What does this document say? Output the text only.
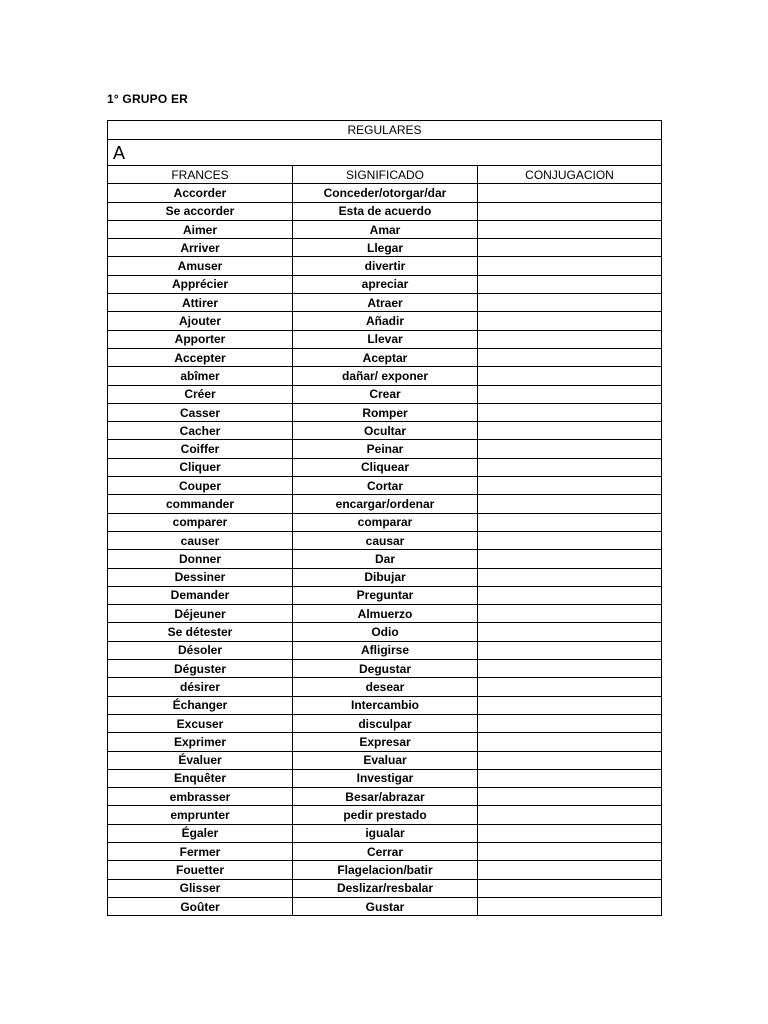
1° GRUPO ER
REGULARES		
A		
FRANCES	SIGNIFICADO	CONJUGACION
Accorder	Conceder/otorgar/dar	
Se accorder	Esta de acuerdo	
Aimer	Amar	
Arriver	Llegar	
Amuser	divertir	
Apprécier	apreciar	
Attirer	Atraer	
Ajouter	Añadir	
Apporter	Llevar	
Accepter	Aceptar	
abîmer	dañar/ exponer	
Créer	Crear	
Casser	Romper	
Cacher	Ocultar	
Coiffer	Peinar	
Cliquer	Cliquear	
Couper	Cortar	
commander	encargar/ordenar	
comparer	comparar	
causer	causar	
Donner	Dar	
Dessiner	Dibujar	
Demander	Preguntar	
Déjeuner	Almuerzo	
Se détester	Odio	
Désoler	Afligirse	
Déguster	Degustar	
désirer	desear	
Échanger	Intercambio	
Excuser	disculpar	
Exprimer	Expresar	
Évaluer	Evaluar	
Enquêter	Investigar	
embrasser	Besar/abrazar	
emprunter	pedir prestado	
Égaler	igualar	
Fermer	Cerrar	
Fouetter	Flagelacion/batir	
Glisser	Deslizar/resbalar	
Goûter	Gustar	
